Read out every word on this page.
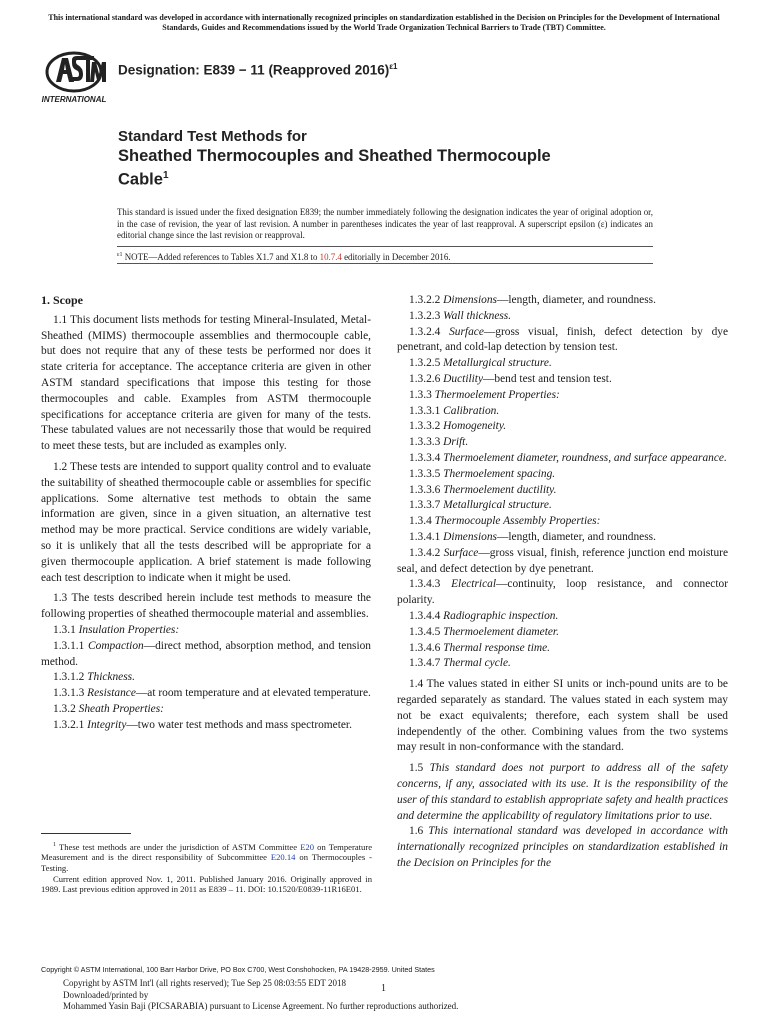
This international standard was developed in accordance with internationally recognized principles on standardization established in the Decision on Principles for the Development of International Standards, Guides and Recommendations issued by the World Trade Organization Technical Barriers to Trade (TBT) Committee.
INTERNATIONAL
Designation: E839 − 11 (Reapproved 2016)$^{\varepsilon 1}$
Standard Test Methods for
Sheathed Thermocouples and Sheathed Thermocouple
Cable$^1$
This standard is issued under the fixed designation E839; the number immediately following the designation indicates the year of original adoption or, in the case of revision, the year of last revision. A number in parentheses indicates the year of last reapproval. A superscript epsilon (ε) indicates an editorial change since the last revision or reapproval.
$^{\varepsilon 1}$ NOTE—Added references to Tables X1.7 and X1.8 to 10.7.4 editorially in December 2016.

1. Scope

1.1 This document lists methods for testing Mineral-Insulated, Metal-Sheathed (MIMS) thermocouple assemblies and thermocouple cable, but does not require that any of these tests be performed nor does it state criteria for acceptance. The acceptance criteria are given in other ASTM standard specifications that impose this testing for those thermocouples and cable. Examples from ASTM thermocouple specifications for acceptance criteria are given for many of the tests. These tabulated values are not necessarily those that would be required to meet these tests, but are included as examples only.

1.2 These tests are intended to support quality control and to evaluate the suitability of sheathed thermocouple cable or assemblies for specific applications. Some alternative test methods to obtain the same information are given, since in a given situation, an alternative test method may be more practical. Service conditions are widely variable, so it is unlikely that all the tests described will be appropriate for a given thermocouple application. A brief statement is made following each test description to indicate when it might be used.

1.3 The tests described herein include test methods to measure the following properties of sheathed thermocouple material and assemblies.

1.3.1 Insulation Properties:

1.3.1.1 Compaction—direct method, absorption method, and tension method.

1.3.1.2 Thickness.

1.3.1.3 Resistance—at room temperature and at elevated temperature.

1.3.2 Sheath Properties:

1.3.2.1 Integrity—two water test methods and mass spectrometer.

1.3.2.2 Dimensions—length, diameter, and roundness.

1.3.2.3 Wall thickness.

1.3.2.4 Surface—gross visual, finish, defect detection by dye penetrant, and cold-lap detection by tension test.

1.3.2.5 Metallurgical structure.

1.3.2.6 Ductility—bend test and tension test.

1.3.3 Thermoelement Properties:

1.3.3.1 Calibration.

1.3.3.2 Homogeneity.

1.3.3.3 Drift.

1.3.3.4 Thermoelement diameter, roundness, and surface appearance.

1.3.3.5 Thermoelement spacing.

1.3.3.6 Thermoelement ductility.

1.3.3.7 Metallurgical structure.

1.3.4 Thermocouple Assembly Properties:

1.3.4.1 Dimensions—length, diameter, and roundness.

1.3.4.2 Surface—gross visual, finish, reference junction end moisture seal, and defect detection by dye penetrant.

1.3.4.3 Electrical—continuity, loop resistance, and connector polarity.

1.3.4.4 Radiographic inspection.

1.3.4.5 Thermoelement diameter.

1.3.4.6 Thermal response time.

1.3.4.7 Thermal cycle.

1.4 The values stated in either SI units or inch-pound units are to be regarded separately as standard. The values stated in each system may not be exact equivalents; therefore, each system shall be used independently of the other. Combining values from the two systems may result in non-conformance with the standard.

1.5 This standard does not purport to address all of the safety concerns, if any, associated with its use. It is the responsibility of the user of this standard to establish appropriate safety and health practices and determine the applicability of regulatory limitations prior to use.

1.6 This international standard was developed in accordance with internationally recognized principles on standardization established in the Decision on Principles for the

$^1$ These test methods are under the jurisdiction of ASTM Committee E20 on Temperature Measurement and is the direct responsibility of Subcommittee E20.14 on Thermocouples - Testing.

Current edition approved Nov. 1, 2011. Published January 2016. Originally approved in 1989. Last previous edition approved in 2011 as E839 – 11. DOI: 10.1520/E0839-11R16E01.

Copyright © ASTM International, 100 Barr Harbor Drive, PO Box C700, West Conshohocken, PA 19428-2959. United States
Copyright by ASTM Int'l (all rights reserved); Tue Sep 25 08:03:55 EDT 2018
Downloaded/printed by
Mohammed Yasin Baji (PICSARABIA) pursuant to License Agreement. No further reproductions authorized.
1
